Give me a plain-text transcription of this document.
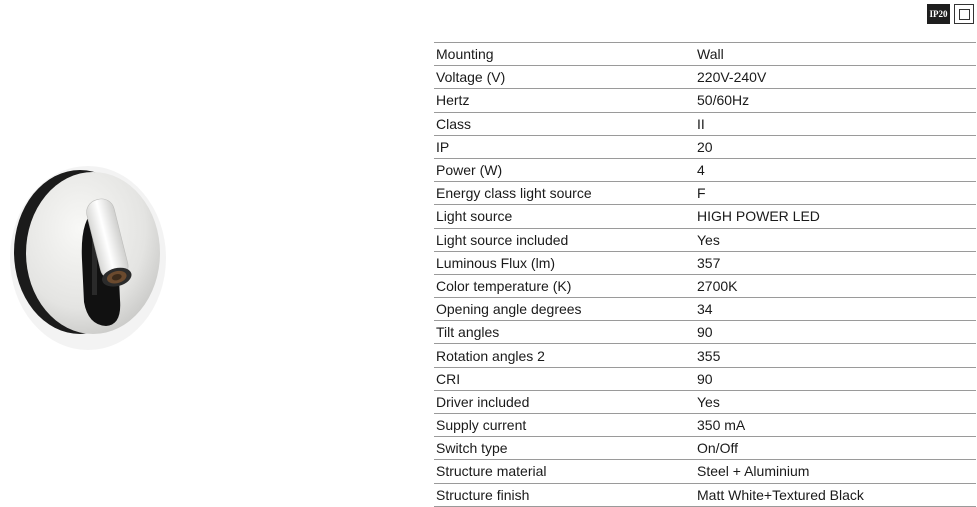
IP20
Mounting	Wall
Voltage (V)	220V-240V
Hertz	50/60Hz
Class	II
IP	20
Power (W)	4
Energy class light source	F
Light source	HIGH POWER LED
Light source included	Yes
Luminous Flux (lm)	357
Color temperature (K)	2700K
Opening angle degrees	34
Tilt angles	90
Rotation angles 2	355
CRI	90
Driver included	Yes
Supply current	350 mA
Switch type	On/Off
Structure material	Steel + Aluminium
Structure finish	Matt White+Textured Black
